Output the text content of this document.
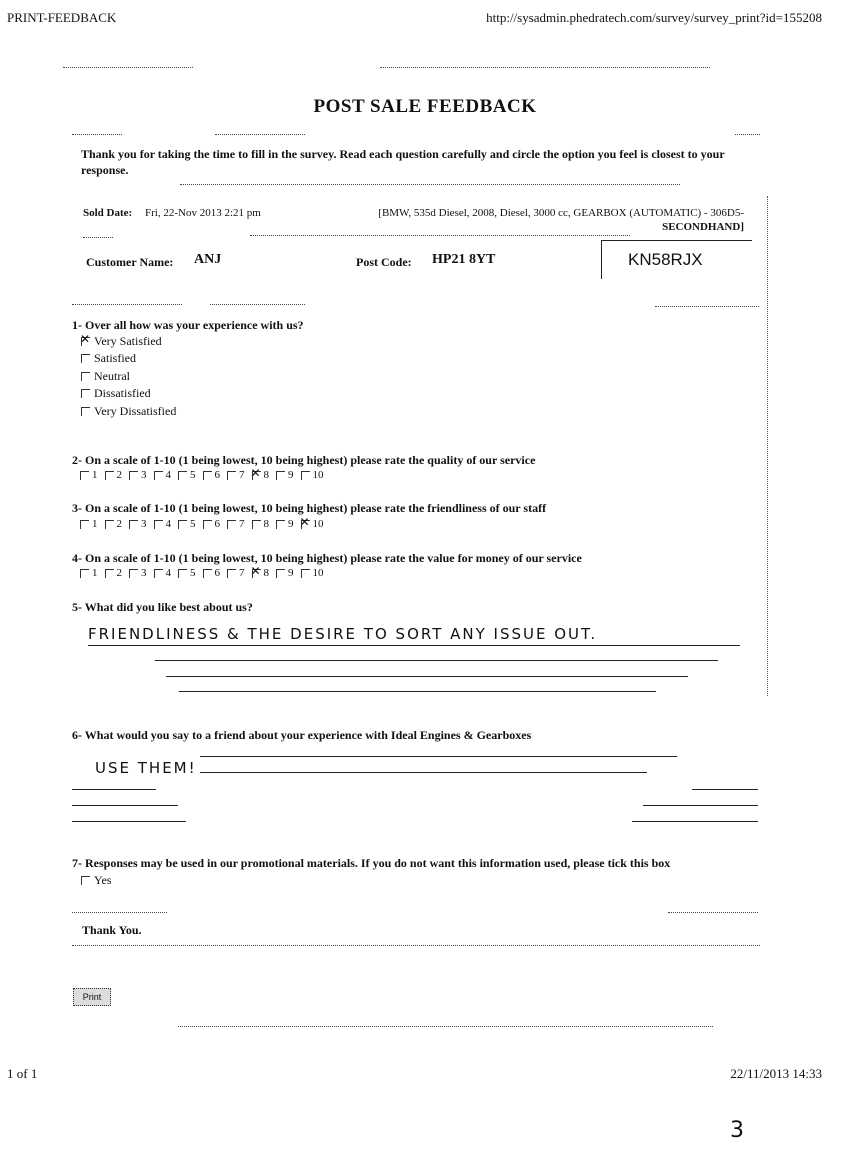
PRINT-FEEDBACK	http://sysadmin.phedratech.com/survey/survey_print?id=155208
POST SALE FEEDBACK
Thank you for taking the time to fill in the survey. Read each question carefully and circle the option you feel is closest to your response.
Sold Date: Fri, 22-Nov 2013 2:21 pm	[BMW, 535d Diesel, 2008, Diesel, 3000 cc, GEARBOX (AUTOMATIC) - 306D5-
SECONDHAND]
Customer Name: ANJ	Post Code: HP21 8YT	KN58RJX
1- Over all how was your experience with us?
✕
Very Satisfied
Satisfied
Neutral
Dissatisfied
Very Dissatisfied
2- On a scale of 1-10 (1 being lowest, 10 being highest) please rate the quality of our service
1 2 3 4 5 6 7 ✕ 8 9 10
3- On a scale of 1-10 (1 being lowest, 10 being highest) please rate the friendliness of our staff
1 2 3 4 5 6 7 8 9 ✕ 10
4- On a scale of 1-10 (1 being lowest, 10 being highest) please rate the value for money of our service
1 2 3 4 5 6 7 ✕ 8 9 10
5- What did you like best about us?
FRIENDLINESS & THE DESIRE TO SORT ANY ISSUE OUT.
6- What would you say to a friend about your experience with Ideal Engines & Gearboxes
USE THEM!
7- Responses may be used in our promotional materials. If you do not want this information used, please tick this box
Yes
Thank You.
Print
1 of 1	22/11/2013 14:33
3
